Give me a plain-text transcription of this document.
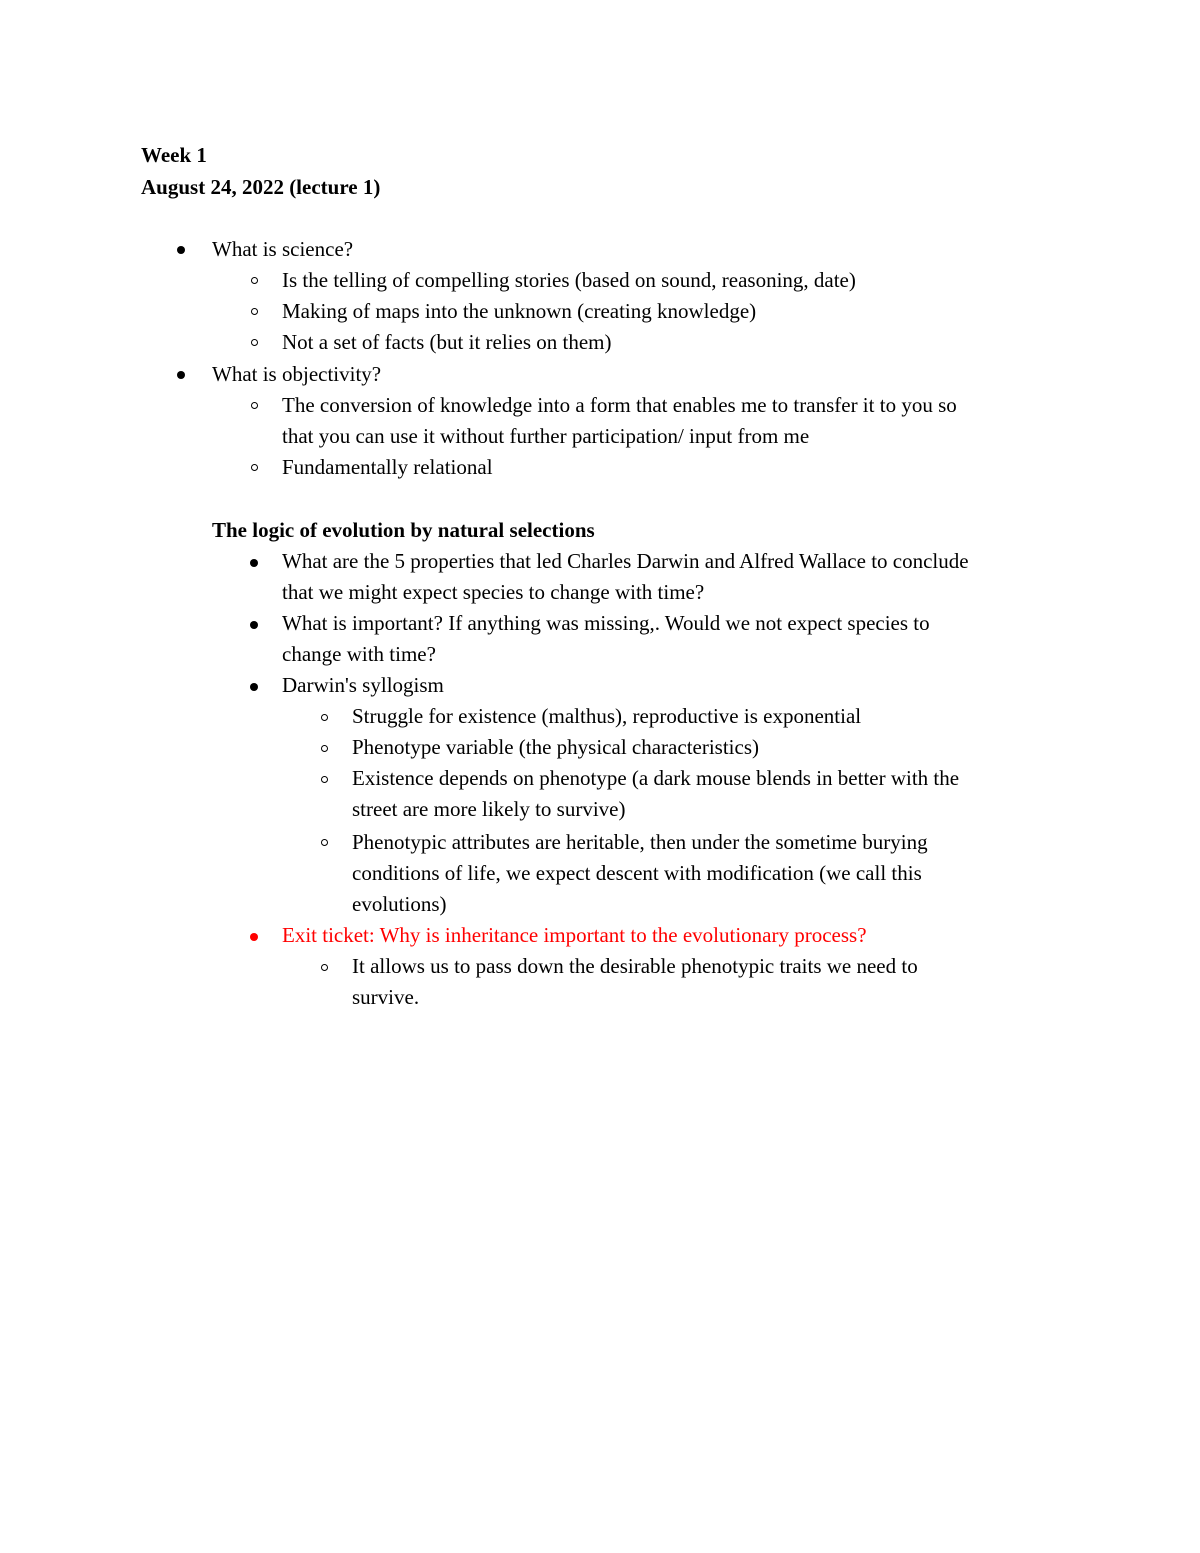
Week 1
August 24, 2022 (lecture 1)
What is science?
Is the telling of compelling stories (based on sound, reasoning, date)
Making of maps into the unknown (creating knowledge)
Not a set of facts (but it relies on them)
What is objectivity?
The conversion of knowledge into a form that enables me to transfer it to you so
that you can use it without further participation/ input from me
Fundamentally relational
The logic of evolution by natural selections
What are the 5 properties that led Charles Darwin and Alfred Wallace to conclude
that we might expect species to change with time?
What is important? If anything was missing,. Would we not expect species to
change with time?
Darwin's syllogism
Struggle for existence (malthus), reproductive is exponential
Phenotype variable (the physical characteristics)
Existence depends on phenotype (a dark mouse blends in better with the
street are more likely to survive)
Phenotypic attributes are heritable, then under the sometime burying
conditions of life, we expect descent with modification (we call this
evolutions)
Exit ticket: Why is inheritance important to the evolutionary process?
It allows us to pass down the desirable phenotypic traits we need to
survive.
